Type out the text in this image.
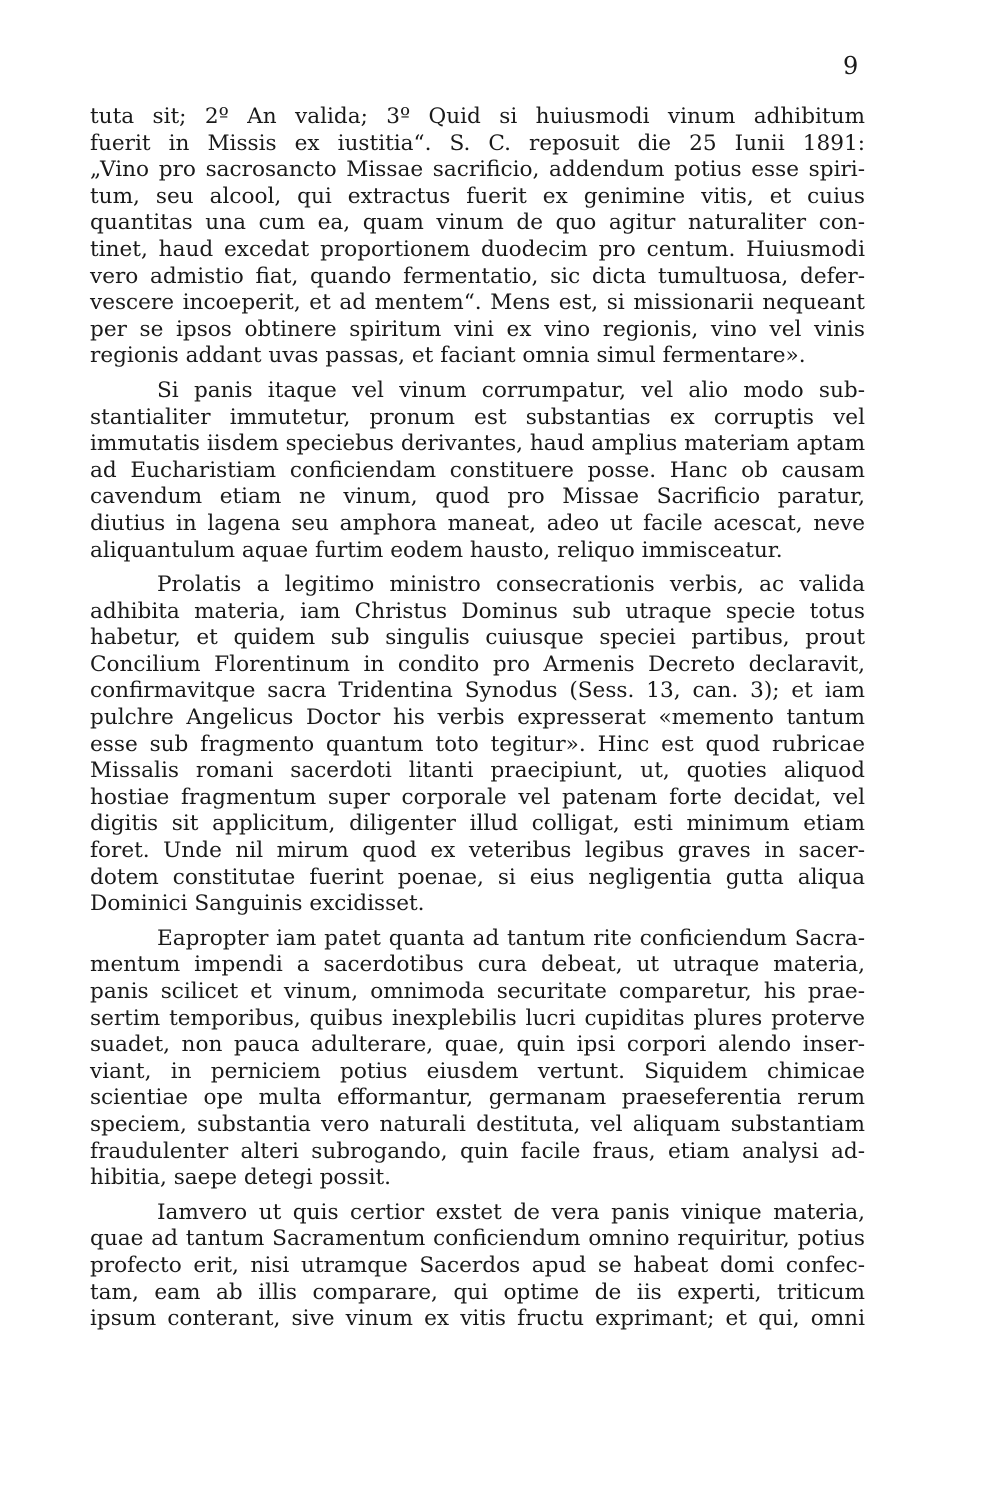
9
tuta sit; 2º An valida; 3º Quid si huiusmodi vinum adhibitum
fuerit in Missis ex iustitia“. S. C. reposuit die 25 Iunii 1891:
„Vino pro sacrosancto Missae sacrificio, addendum potius esse spiri-
tum, seu alcool, qui extractus fuerit ex genimine vitis, et cuius
quantitas una cum ea, quam vinum de quo agitur naturaliter con-
tinet, haud excedat proportionem duodecim pro centum. Huiusmodi
vero admistio fiat, quando fermentatio, sic dicta tumultuosa, defer-
vescere incoeperit, et ad mentem“. Mens est, si missionarii nequeant
per se ipsos obtinere spiritum vini ex vino regionis, vino vel vinis
regionis addant uvas passas, et faciant omnia simul fermentare».
Si panis itaque vel vinum corrumpatur, vel alio modo sub-
stantialiter immutetur, pronum est substantias ex corruptis vel
immutatis iisdem speciebus derivantes, haud amplius materiam aptam
ad Eucharistiam conficiendam constituere posse. Hanc ob causam
cavendum etiam ne vinum, quod pro Missae Sacrificio paratur,
diutius in lagena seu amphora maneat, adeo ut facile acescat, neve
aliquantulum aquae furtim eodem hausto, reliquo immisceatur.
Prolatis a legitimo ministro consecrationis verbis, ac valida
adhibita materia, iam Christus Dominus sub utraque specie totus
habetur, et quidem sub singulis cuiusque speciei partibus, prout
Concilium Florentinum in condito pro Armenis Decreto declaravit,
confirmavitque sacra Tridentina Synodus (Sess. 13, can. 3); et iam
pulchre Angelicus Doctor his verbis expresserat «memento tantum
esse sub fragmento quantum toto tegitur». Hinc est quod rubricae
Missalis romani sacerdoti litanti praecipiunt, ut, quoties aliquod
hostiae fragmentum super corporale vel patenam forte decidat, vel
digitis sit applicitum, diligenter illud colligat, esti minimum etiam
foret. Unde nil mirum quod ex veteribus legibus graves in sacer-
dotem constitutae fuerint poenae, si eius negligentia gutta aliqua
Dominici Sanguinis excidisset.
Eapropter iam patet quanta ad tantum rite conficiendum Sacra-
mentum impendi a sacerdotibus cura debeat, ut utraque materia,
panis scilicet et vinum, omnimoda securitate comparetur, his prae-
sertim temporibus, quibus inexplebilis lucri cupiditas plures proterve
suadet, non pauca adulterare, quae, quin ipsi corpori alendo inser-
viant, in perniciem potius eiusdem vertunt. Siquidem chimicae
scientiae ope multa efformantur, germanam praeseferentia rerum
speciem, substantia vero naturali destituta, vel aliquam substantiam
fraudulenter alteri subrogando, quin facile fraus, etiam analysi ad-
hibitia, saepe detegi possit.
Iamvero ut quis certior exstet de vera panis vinique materia,
quae ad tantum Sacramentum conficiendum omnino requiritur, potius
profecto erit, nisi utramque Sacerdos apud se habeat domi confec-
tam, eam ab illis comparare, qui optime de iis experti, triticum
ipsum conterant, sive vinum ex vitis fructu exprimant; et qui, omni
